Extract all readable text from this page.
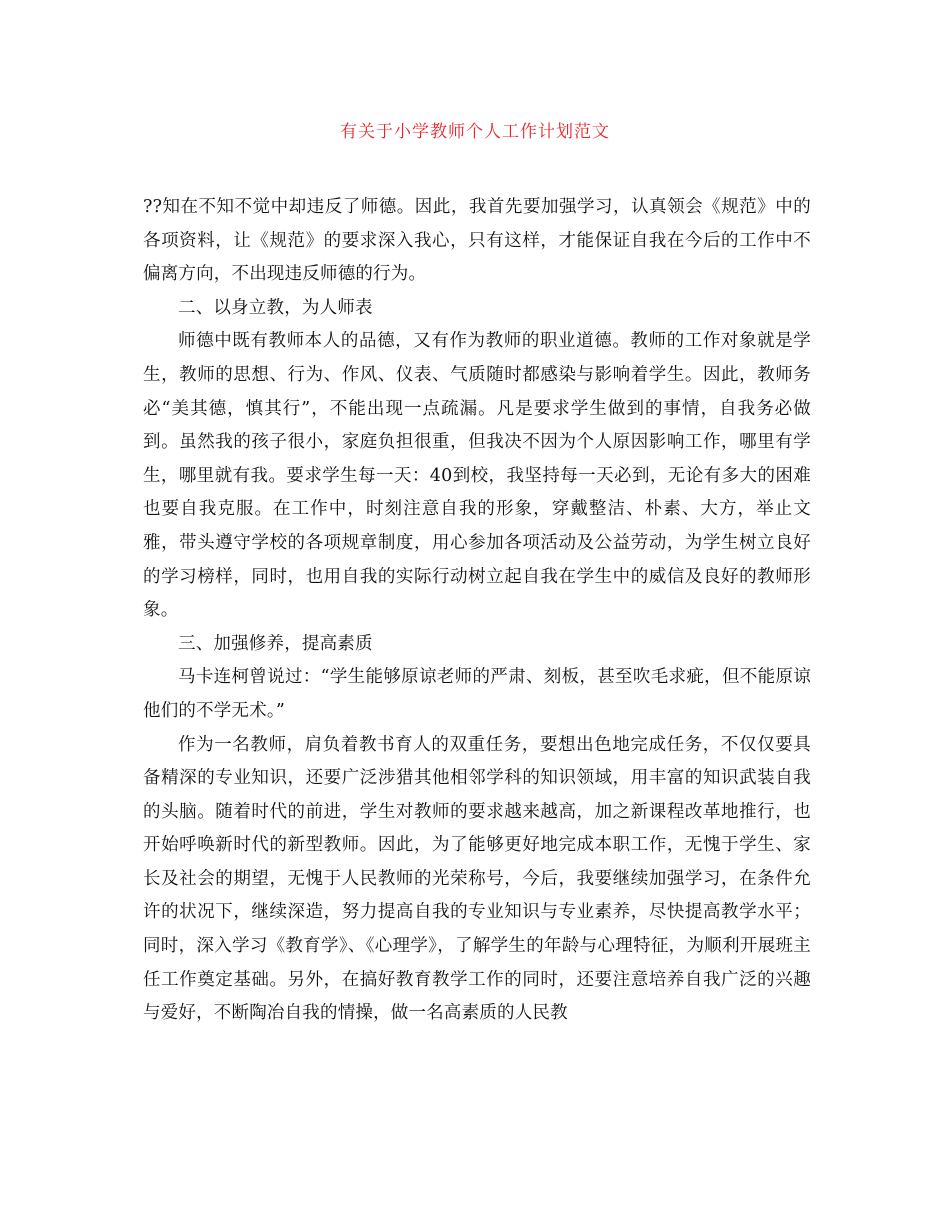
有关于小学教师个人工作计划范文

??知在不知不觉中却违反了师德。因此，我首先要加强学习，认真领会《规范》中的各项资料，让《规范》的要求深入我心，只有这样，才能保证自我在今后的工作中不偏离方向，不出现违反师德的行为。

二、以身立教，为人师表

师德中既有教师本人的品德，又有作为教师的职业道德。教师的工作对象就是学生，教师的思想、行为、作风、仪表、气质随时都感染与影响着学生。因此，教师务必“美其德，慎其行”，不能出现一点疏漏。凡是要求学生做到的事情，自我务必做到。虽然我的孩子很小，家庭负担很重，但我决不因为个人原因影响工作，哪里有学生，哪里就有我。要求学生每一天：40到校，我坚持每一天必到，无论有多大的困难也要自我克服。在工作中，时刻注意自我的形象，穿戴整洁、朴素、大方，举止文雅，带头遵守学校的各项规章制度，用心参加各项活动及公益劳动，为学生树立良好的学习榜样，同时，也用自我的实际行动树立起自我在学生中的威信及良好的教师形象。

三、加强修养，提高素质

马卡连柯曾说过：“学生能够原谅老师的严肃、刻板，甚至吹毛求疵，但不能原谅他们的不学无术。”

作为一名教师，肩负着教书育人的双重任务，要想出色地完成任务，不仅仅要具备精深的专业知识，还要广泛涉猎其他相邻学科的知识领域，用丰富的知识武装自我的头脑。随着时代的前进，学生对教师的要求越来越高，加之新课程改革地推行，也开始呼唤新时代的新型教师。因此，为了能够更好地完成本职工作，无愧于学生、家长及社会的期望，无愧于人民教师的光荣称号，今后，我要继续加强学习，在条件允许的状况下，继续深造，努力提高自我的专业知识与专业素养，尽快提高教学水平；同时，深入学习《教育学》、《心理学》，了解学生的年龄与心理特征，为顺利开展班主任工作奠定基础。另外，在搞好教育教学工作的同时，还要注意培养自我广泛的兴趣与爱好，不断陶冶自我的情操，做一名高素质的人民教
